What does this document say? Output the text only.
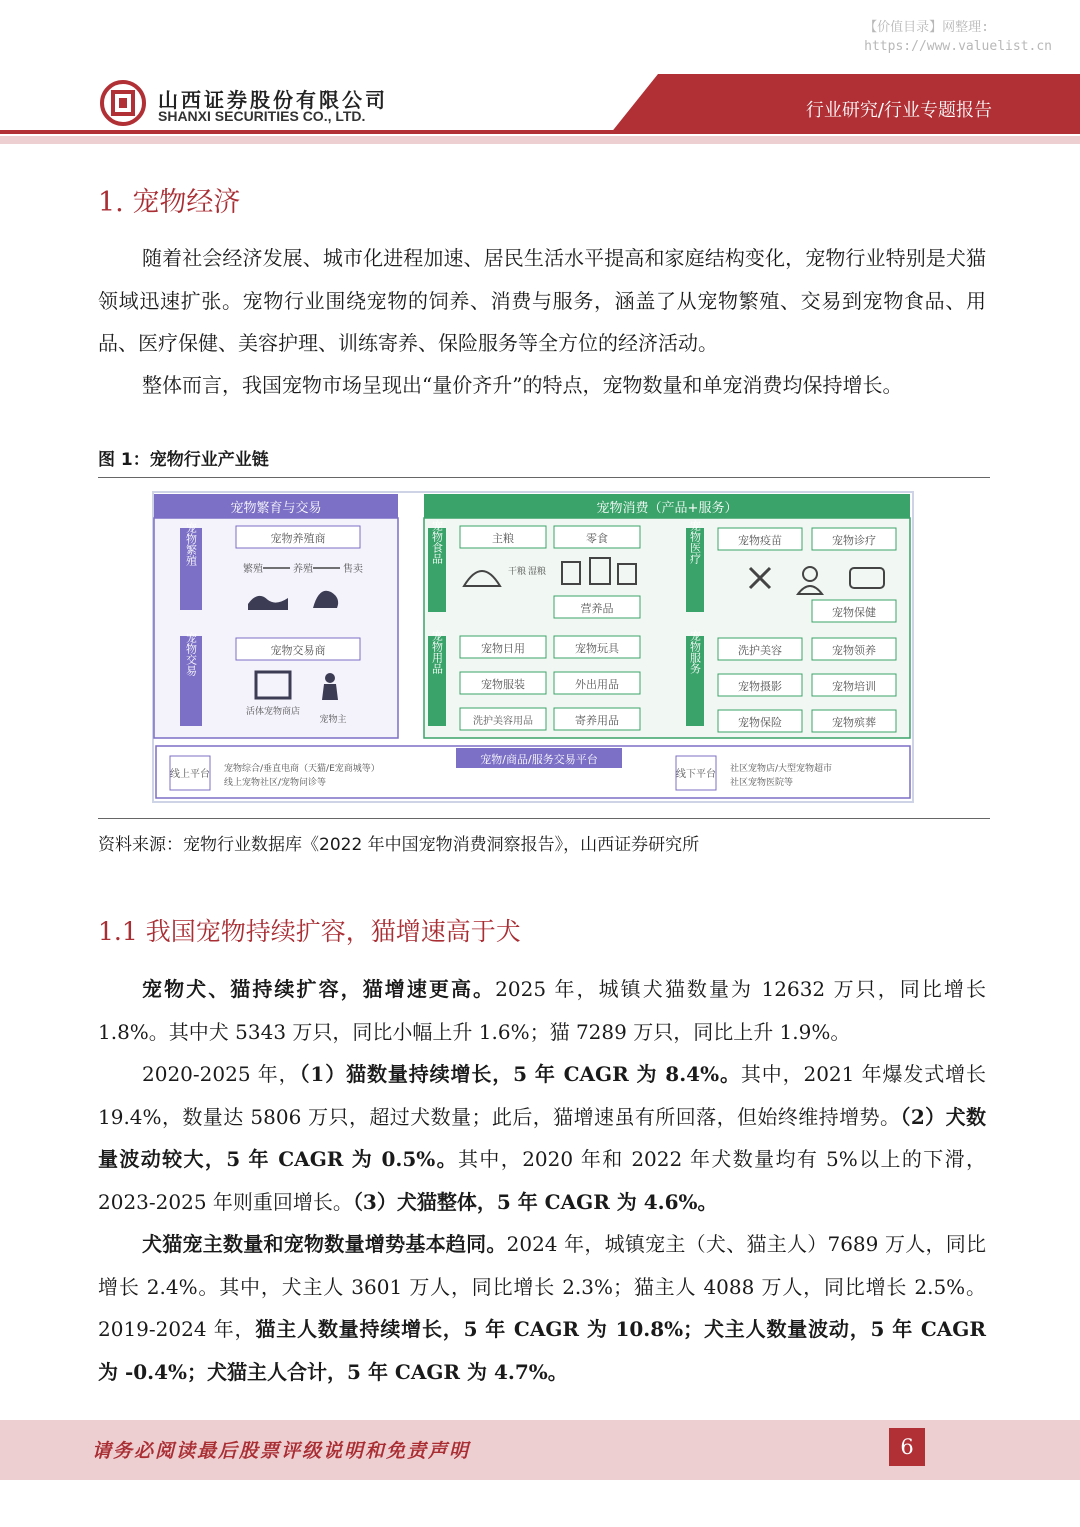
【价值目录】网整理:
https://www.valuelist.cn
山西证券股份有限公司
SHANXI SECURITIES CO., LTD.	行业研究/行业专题报告
1. 宠物经济

随着社会经济发展、城市化进程加速、居民生活水平提高和家庭结构变化，宠物行业特别是犬猫领域迅速扩张。宠物行业围绕宠物的饲养、消费与服务，涵盖了从宠物繁殖、交易到宠物食品、用品、医疗保健、美容护理、训练寄养、保险服务等全方位的经济活动。

整体而言，我国宠物市场呈现出“量价齐升”的特点，宠物数量和单宠消费均保持增长。

图 1：宠物行业产业链
宠物繁育与交易
宠物繁殖
宠物交易
宠物养殖商
繁殖	养殖	售卖
宠物交易商
活体宠物商店
宠物主
宠物消费（产品+服务）
宠物食品
宠物用品
宠物医疗
宠物服务
主粮	零食
干粮 湿粮
营养品
宠物日用	宠物玩具
宠物服装	外出用品
洗护美容用品	寄养用品
宠物疫苗	宠物诊疗
宠物保健
洗护美容	宠物领养
宠物摄影	宠物培训
宠物保险	宠物殡葬
宠物/商品/服务交易平台
线上平台 宠物综合/垂直电商（天猫/E宠商城等）
线上宠物社区/宠物问诊等
线下平台 社区宠物店/大型宠物超市
社区宠物医院等
资料来源：宠物行业数据库《2022 年中国宠物消费洞察报告》，山西证券研究所
1.1 我国宠物持续扩容，猫增速高于犬

宠物犬、猫持续扩容，猫增速更高。2025 年，城镇犬猫数量为 12632 万只，同比增长 1.8%。其中犬 5343 万只，同比小幅上升 1.6%；猫 7289 万只，同比上升 1.9%。

2020-2025 年，（1）猫数量持续增长，5 年 CAGR 为 8.4%。其中，2021 年爆发式增长 19.4%，数量达 5806 万只，超过犬数量；此后，猫增速虽有所回落，但始终维持增势。（2）犬数量波动较大，5 年 CAGR 为 0.5%。其中，2020 年和 2022 年犬数量均有 5%以上的下滑，2023-2025 年则重回增长。（3）犬猫整体，5 年 CAGR 为 4.6%。

犬猫宠主数量和宠物数量增势基本趋同。2024 年，城镇宠主（犬、猫主人）7689 万人，同比增长 2.4%。其中，犬主人 3601 万人，同比增长 2.3%；猫主人 4088 万人，同比增长 2.5%。2019-2024 年，猫主人数量持续增长，5 年 CAGR 为 10.8%；犬主人数量波动，5 年 CAGR 为 -0.4%；犬猫主人合计，5 年 CAGR 为 4.7%。

请务必阅读最后股票评级说明和免责声明	6
